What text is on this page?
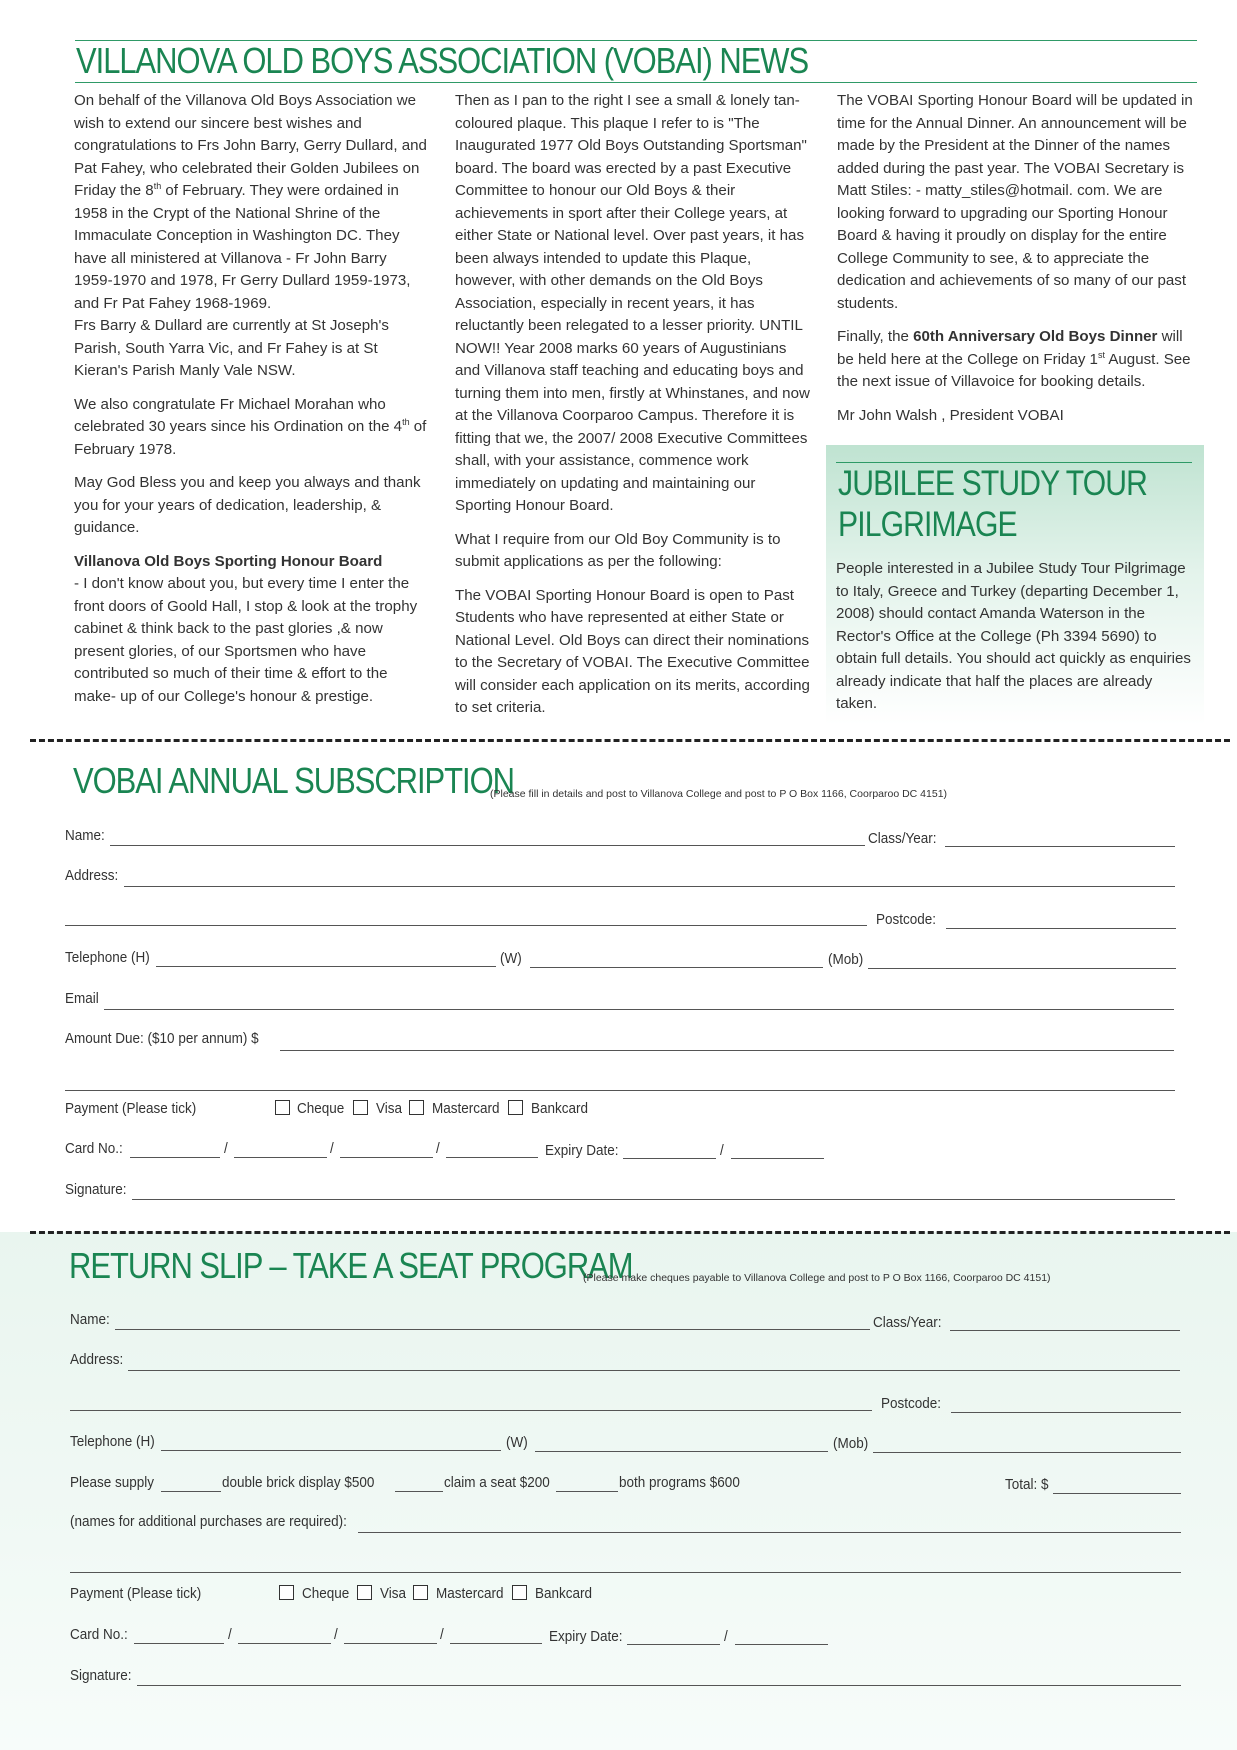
VILLANOVA OLD BOYS ASSOCIATION (VOBAI) NEWS

On behalf of the Villanova Old Boys Association we wish to extend our sincere best wishes and congratulations to Frs John Barry, Gerry Dullard, and Pat Fahey, who celebrated their Golden Jubilees on Friday the 8th of February. They were ordained in 1958 in the Crypt of the National Shrine of the Immaculate Conception in Washington DC. They have all ministered at Villanova - Fr John Barry 1959-1970 and 1978, Fr Gerry Dullard 1959-1973, and Fr Pat Fahey 1968-1969.
Frs Barry & Dullard are currently at St Joseph's Parish, South Yarra Vic, and Fr Fahey is at St Kieran's Parish Manly Vale NSW.

We also congratulate Fr Michael Morahan who celebrated 30 years since his Ordination on the 4th of February 1978.

May God Bless you and keep you always and thank you for your years of dedication, leadership, & guidance.

Villanova Old Boys Sporting Honour Board
- I don't know about you, but every time I enter the front doors of Goold Hall, I stop & look at the trophy cabinet & think back to the past glories ,& now present glories, of our Sportsmen who have contributed so much of their time & effort to the make- up of our College's honour & prestige.

Then as I pan to the right I see a small & lonely tan-coloured plaque. This plaque I refer to is "The Inaugurated 1977 Old Boys Outstanding Sportsman" board. The board was erected by a past Executive Committee to honour our Old Boys & their achievements in sport after their College years, at either State or National level. Over past years, it has been always intended to update this Plaque, however, with other demands on the Old Boys Association, especially in recent years, it has reluctantly been relegated to a lesser priority. UNTIL NOW!! Year 2008 marks 60 years of Augustinians and Villanova staff teaching and educating boys and turning them into men, firstly at Whinstanes, and now at the Villanova Coorparoo Campus. Therefore it is fitting that we, the 2007/ 2008 Executive Committees shall, with your assistance, commence work immediately on updating and maintaining our Sporting Honour Board.

What I require from our Old Boy Community is to submit applications as per the following:

The VOBAI Sporting Honour Board is open to Past Students who have represented at either State or National Level. Old Boys can direct their nominations to the Secretary of VOBAI. The Executive Committee will consider each application on its merits, according to set criteria.

The VOBAI Sporting Honour Board will be updated in time for the Annual Dinner. An announcement will be made by the President at the Dinner of the names added during the past year. The VOBAI Secretary is Matt Stiles: - matty_stiles@hotmail. com. We are looking forward to upgrading our Sporting Honour Board & having it proudly on display for the entire College Community to see, & to appreciate the dedication and achievements of so many of our past students.

Finally, the 60th Anniversary Old Boys Dinner will be held here at the College on Friday 1st August. See the next issue of Villavoice for booking details.

Mr John Walsh , President VOBAI

JUBILEE STUDY TOUR
PILGRIMAGE
People interested in a Jubilee Study Tour Pilgrimage to Italy, Greece and Turkey (departing December 1, 2008) should contact Amanda Waterson in the Rector's Office at the College (Ph 3394 5690) to obtain full details. You should act quickly as enquiries already indicate that half the places are already taken.
VOBAI ANNUAL SUBSCRIPTION
(Please fill in details and post to Villanova College and post to P O Box 1166, Coorparoo DC 4151)
Name:	Class/Year:
Address:
Postcode:
Telephone (H)	(W)	(Mob)
Email
Amount Due: ($10 per annum) $
Payment (Please tick)	Cheque Visa Mastercard Bankcard
Card No.:	/	/	/	Expiry Date:	/
Signature:
RETURN SLIP – TAKE A SEAT PROGRAM
(Please make cheques payable to Villanova College and post to P O Box 1166, Coorparoo DC 4151)
Name:	Class/Year:
Address:
Postcode:
Telephone (H)	(W)	(Mob)
Please supply	double brick display $500	claim a seat $200	both programs $600	Total: $
(names for additional purchases are required):
Payment (Please tick)	Cheque Visa Mastercard Bankcard
Card No.:	/	/	/	Expiry Date:	/
Signature:
